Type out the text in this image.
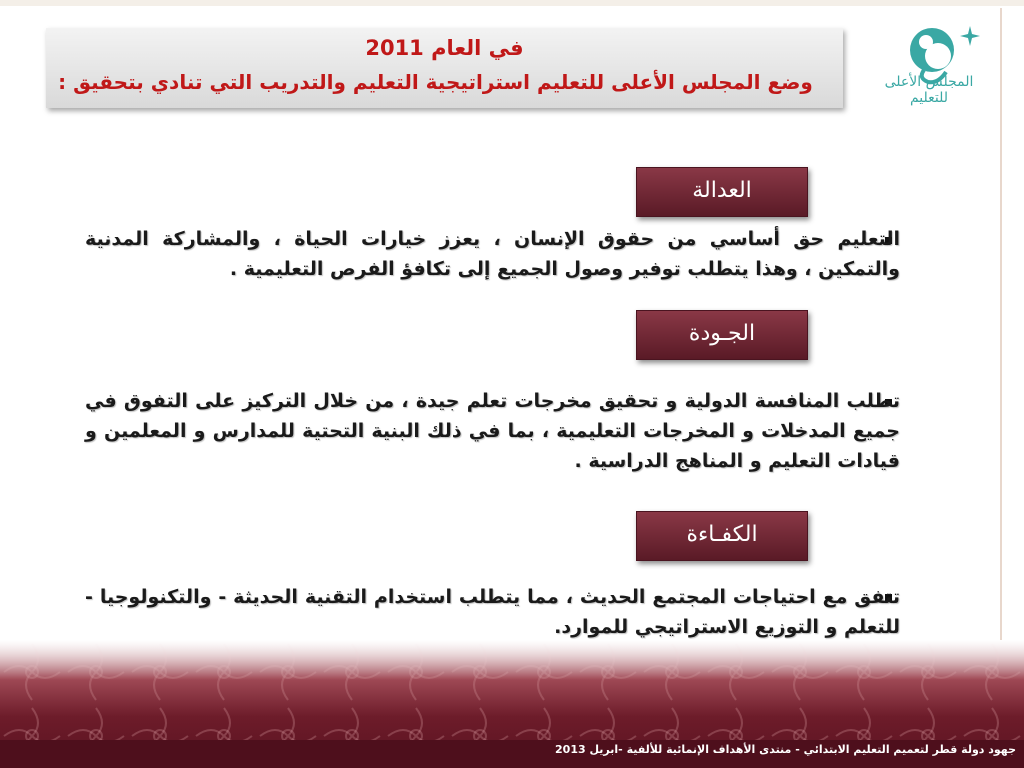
في العام 2011
وضع المجلس الأعلى للتعليم استراتيجية التعليم والتدريب التي تنادي بتحقيق :	المجلس الأعلى للتعليم
العدالة
التعليم حق أساسي من حقوق الإنسان ، يعزز خيارات الحياة ، والمشاركة المدنية والتمكين ، وهذا يتطلب توفير وصول الجميع إلى تكافؤ الفرص التعليمية .
الجـودة
تطلب المنافسة الدولية و تحقيق مخرجات تعلم جيدة ، من خلال التركيز على التفوق في جميع المدخلات و المخرجات التعليمية ، بما في ذلك البنية التحتية للمدارس و المعلمين و قيادات التعليم و المناهج الدراسية .
الكفـاءة
تتفق مع احتياجات المجتمع الحديث ، مما يتطلب استخدام التقنية الحديثة - والتكنولوجيا - للتعلم و التوزيع الاستراتيجي للموارد.
جهود دولة قطر لتعميم التعليم الابتدائي - منتدى الأهداف الإنمائية للألفية -ابريل 2013
